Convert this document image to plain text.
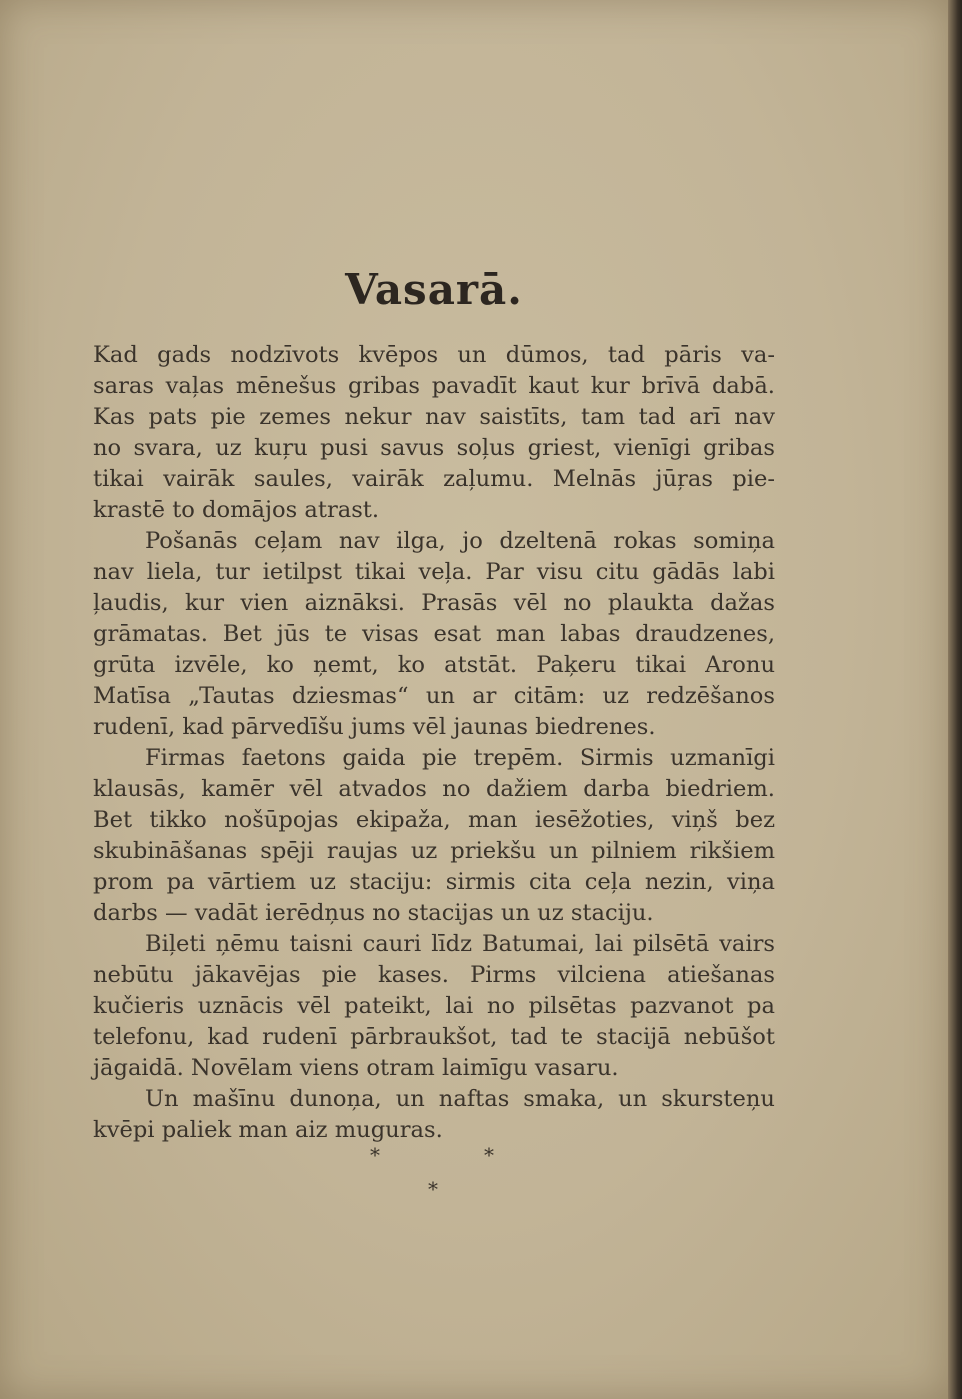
Vasarā.
Kad gads nodzīvots kvēpos un dūmos, tad pāris va-
saras vaļas mēnešus gribas pavadīt kaut kur brīvā dabā.
Kas pats pie zemes nekur nav saistīts, tam tad arī nav
no svara, uz kuŗu pusi savus soļus griest, vienīgi gribas
tikai vairāk saules, vairāk zaļumu. Melnās jūŗas pie-
krastē to domājos atrast.
Pošanās ceļam nav ilga, jo dzeltenā rokas somiņa
nav liela, tur ietilpst tikai veļa. Par visu citu gādās labi
ļaudis, kur vien aiznāksi. Prasās vēl no plaukta dažas
grāmatas. Bet jūs te visas esat man labas draudzenes,
grūta izvēle, ko ņemt, ko atstāt. Paķeru tikai Aronu
Matīsa „Tautas dziesmas“ un ar citām: uz redzēšanos
rudenī, kad pārvedīšu jums vēl jaunas biedrenes.
Firmas faetons gaida pie trepēm. Sirmis uzmanīgi
klausās, kamēr vēl atvados no dažiem darba biedriem.
Bet tikko nošūpojas ekipaža, man iesēžoties, viņš bez
skubināšanas spēji raujas uz priekšu un pilniem rikšiem
prom pa vārtiem uz staciju: sirmis cita ceļa nezin, viņa
darbs — vadāt ierēdņus no stacijas un uz staciju.
Biļeti ņēmu taisni cauri līdz Batumai, lai pilsētā vairs
nebūtu jākavējas pie kases. Pirms vilciena atiešanas
kučieris uznācis vēl pateikt, lai no pilsētas pazvanot pa
telefonu, kad rudenī pārbraukšot, tad te stacijā nebūšot
jāgaidā. Novēlam viens otram laimīgu vasaru.
Un mašīnu dunoņa, un naftas smaka, un skursteņu
kvēpi paliek man aiz muguras.
*	*
*
